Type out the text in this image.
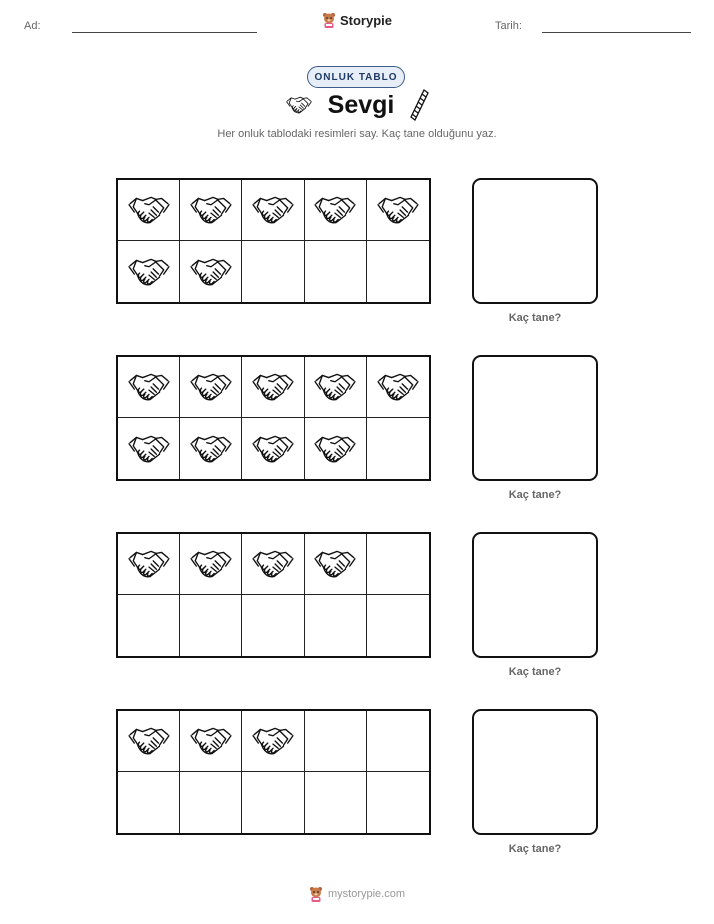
Ad:	Storypie	Tarih:
ONLUK TABLO
Sevgi
Her onluk tablodaki resimleri say. Kaç tane olduğunu yaz.
Kaç tane?
Kaç tane?
Kaç tane?
Kaç tane?
mystorypie.com
